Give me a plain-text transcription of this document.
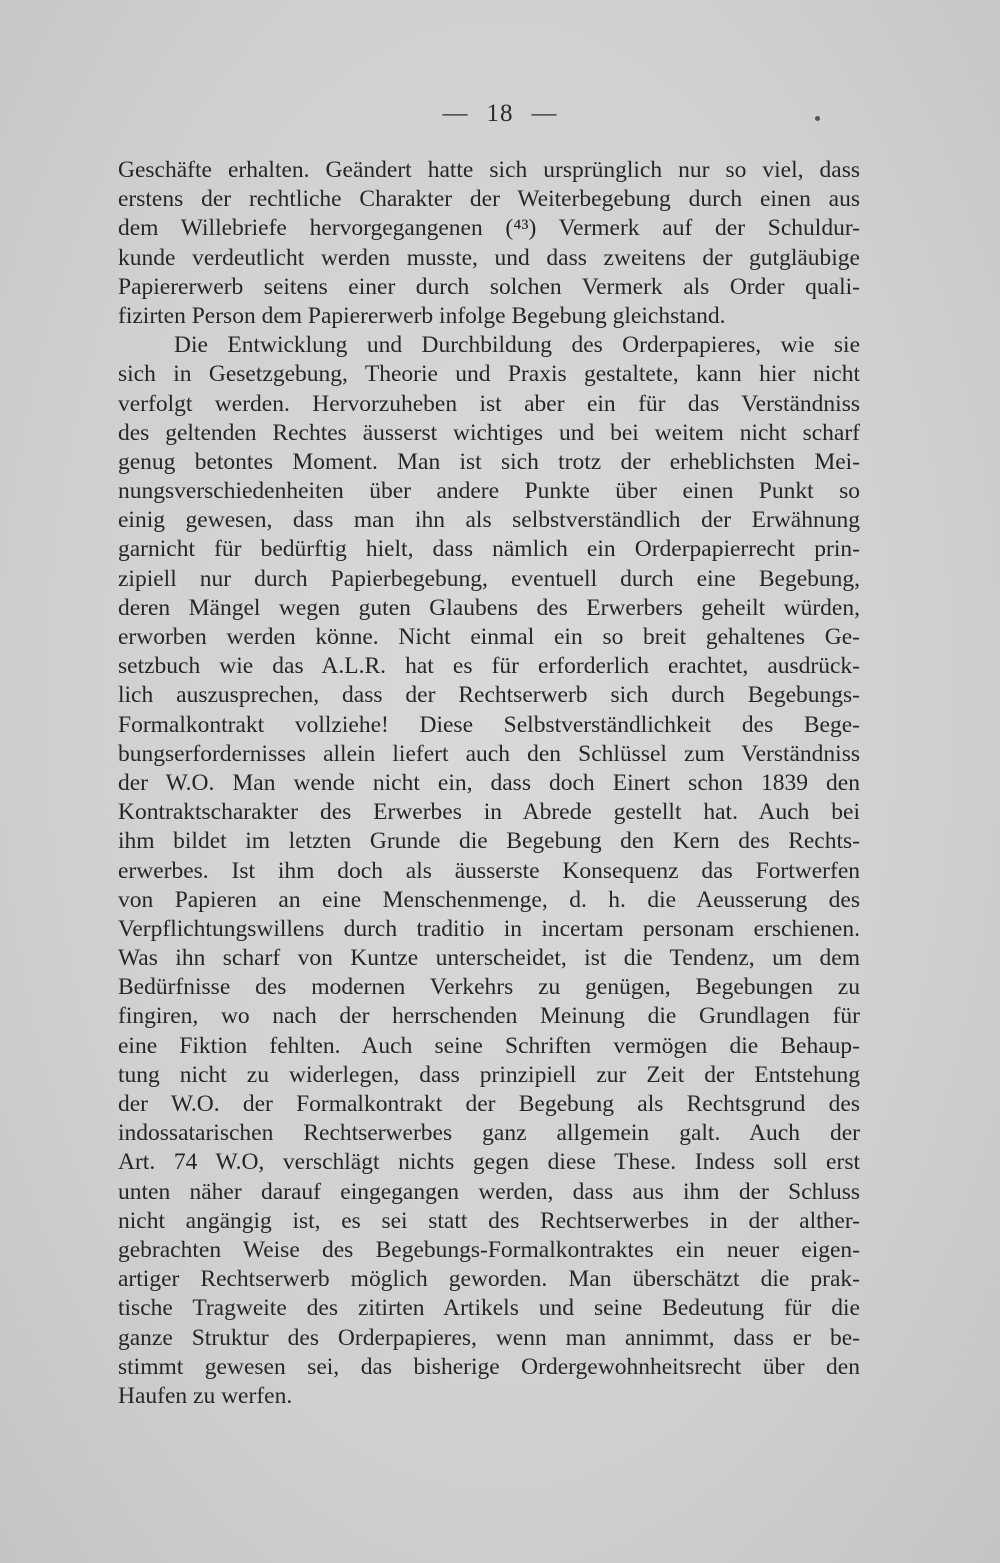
— 18 —
Geschäfte erhalten. Geändert hatte sich ursprünglich nur so viel, dass
erstens der rechtliche Charakter der Weiterbegebung durch einen aus
dem Willebriefe hervorgegangenen (⁴³) Vermerk auf der Schuldur-
kunde verdeutlicht werden musste, und dass zweitens der gutgläubige
Papiererwerb seitens einer durch solchen Vermerk als Order quali-
fizirten Person dem Papiererwerb infolge Begebung gleichstand.
Die Entwicklung und Durchbildung des Orderpapieres, wie sie
sich in Gesetzgebung, Theorie und Praxis gestaltete, kann hier nicht
verfolgt werden. Hervorzuheben ist aber ein für das Verständniss
des geltenden Rechtes äusserst wichtiges und bei weitem nicht scharf
genug betontes Moment. Man ist sich trotz der erheblichsten Mei-
nungsverschiedenheiten über andere Punkte über einen Punkt so
einig gewesen, dass man ihn als selbstverständlich der Erwähnung
garnicht für bedürftig hielt, dass nämlich ein Orderpapierrecht prin-
zipiell nur durch Papierbegebung, eventuell durch eine Begebung,
deren Mängel wegen guten Glaubens des Erwerbers geheilt würden,
erworben werden könne. Nicht einmal ein so breit gehaltenes Ge-
setzbuch wie das A.L.R. hat es für erforderlich erachtet, ausdrück-
lich auszusprechen, dass der Rechtserwerb sich durch Begebungs-
Formalkontrakt vollziehe! Diese Selbstverständlichkeit des Bege-
bungserfordernisses allein liefert auch den Schlüssel zum Verständniss
der W.O. Man wende nicht ein, dass doch Einert schon 1839 den
Kontraktscharakter des Erwerbes in Abrede gestellt hat. Auch bei
ihm bildet im letzten Grunde die Begebung den Kern des Rechts-
erwerbes. Ist ihm doch als äusserste Konsequenz das Fortwerfen
von Papieren an eine Menschenmenge, d. h. die Aeusserung des
Verpflichtungswillens durch traditio in incertam personam erschienen.
Was ihn scharf von Kuntze unterscheidet, ist die Tendenz, um dem
Bedürfnisse des modernen Verkehrs zu genügen, Begebungen zu
fingiren, wo nach der herrschenden Meinung die Grundlagen für
eine Fiktion fehlten. Auch seine Schriften vermögen die Behaup-
tung nicht zu widerlegen, dass prinzipiell zur Zeit der Entstehung
der W.O. der Formalkontrakt der Begebung als Rechtsgrund des
indossatarischen Rechtserwerbes ganz allgemein galt. Auch der
Art. 74 W.O, verschlägt nichts gegen diese These. Indess soll erst
unten näher darauf eingegangen werden, dass aus ihm der Schluss
nicht angängig ist, es sei statt des Rechtserwerbes in der alther-
gebrachten Weise des Begebungs-Formalkontraktes ein neuer eigen-
artiger Rechtserwerb möglich geworden. Man überschätzt die prak-
tische Tragweite des zitirten Artikels und seine Bedeutung für die
ganze Struktur des Orderpapieres, wenn man annimmt, dass er be-
stimmt gewesen sei, das bisherige Ordergewohnheitsrecht über den
Haufen zu werfen.
